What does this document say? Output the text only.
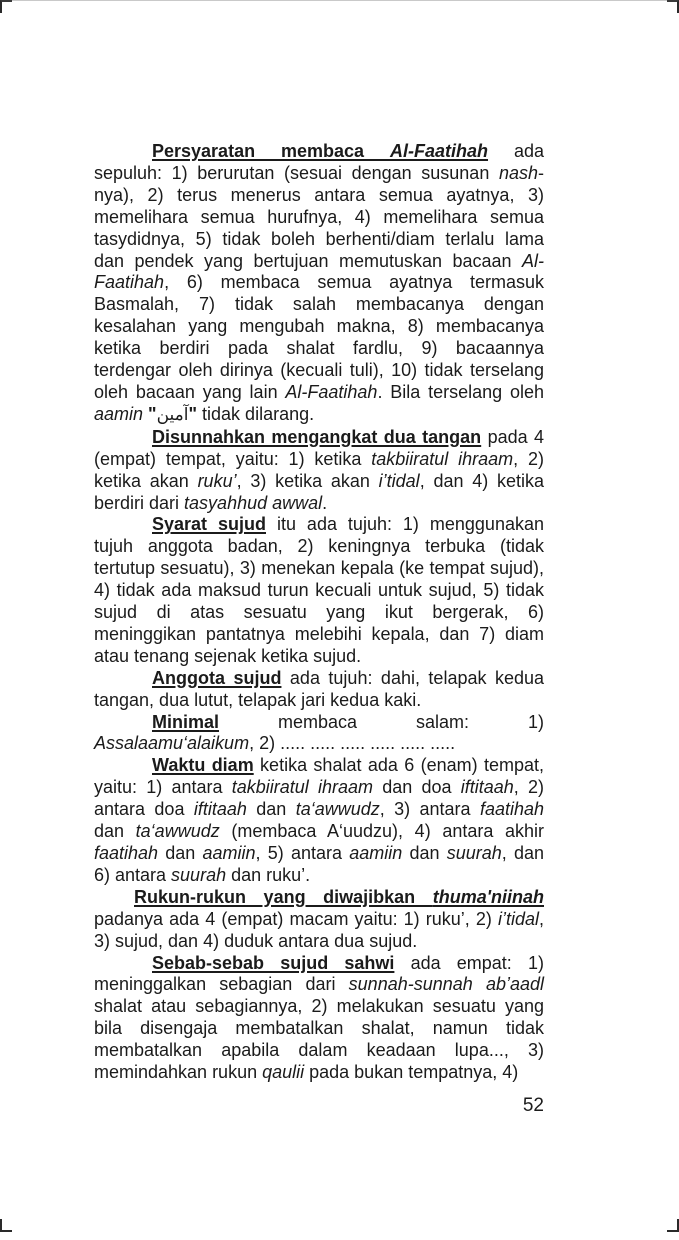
Persyaratan membaca Al-Faatihah ada sepuluh: 1) berurutan (sesuai dengan susunan nash-nya), 2) terus menerus antara semua ayatnya, 3) memelihara semua hurufnya, 4) memelihara semua tasydidnya, 5) tidak boleh berhenti/diam terlalu lama dan pendek yang bertujuan memutuskan bacaan Al-Faatihah, 6) membaca semua ayatnya termasuk Basmalah, 7) tidak salah membacanya dengan kesalahan yang mengubah makna, 8) membacanya ketika berdiri pada shalat fardlu, 9) bacaannya terdengar oleh dirinya (kecuali tuli), 10) tidak terselang oleh bacaan yang lain Al-Faatihah. Bila terselang oleh aamin "آمين" tidak dilarang.

Disunnahkan mengangkat dua tangan pada 4 (empat) tempat, yaitu: 1) ketika takbiiratul ihraam, 2) ketika akan ruku’, 3) ketika akan i’tidal, dan 4) ketika berdiri dari tasyahhud awwal.

Syarat sujud itu ada tujuh: 1) menggunakan tujuh anggota badan, 2) keningnya terbuka (tidak tertutup sesuatu), 3) menekan kepala (ke tempat sujud), 4) tidak ada maksud turun kecuali untuk sujud, 5) tidak sujud di atas sesuatu yang ikut bergerak, 6) meninggikan pantatnya melebihi kepala, dan 7) diam atau tenang sejenak ketika sujud.

Anggota sujud ada tujuh: dahi, telapak kedua tangan, dua lutut, telapak jari kedua kaki.

Minimal membaca salam: 1) Assalaamu‘alaikum, 2) ..... ..... ..... ..... ..... .....

Waktu diam ketika shalat ada 6 (enam) tempat, yaitu: 1) antara takbiiratul ihraam dan doa iftitaah, 2) antara doa iftitaah dan ta‘awwudz, 3) antara faatihah dan ta‘awwudz (membaca A‘uudzu), 4) antara akhir faatihah dan aamiin, 5) antara aamiin dan suurah, dan 6) antara suurah dan ruku’.

Rukun-rukun yang diwajibkan thuma'niinah padanya ada 4 (empat) macam yaitu: 1) ruku’, 2) i’tidal, 3) sujud, dan 4) duduk antara dua sujud.

Sebab-sebab sujud sahwi ada empat: 1) meninggalkan sebagian dari sunnah-sunnah ab’aadl shalat atau sebagiannya, 2) melakukan sesuatu yang bila disengaja membatalkan shalat, namun tidak membatalkan apabila dalam keadaan lupa..., 3) memindahkan rukun qaulii pada bukan tempatnya, 4)

52
